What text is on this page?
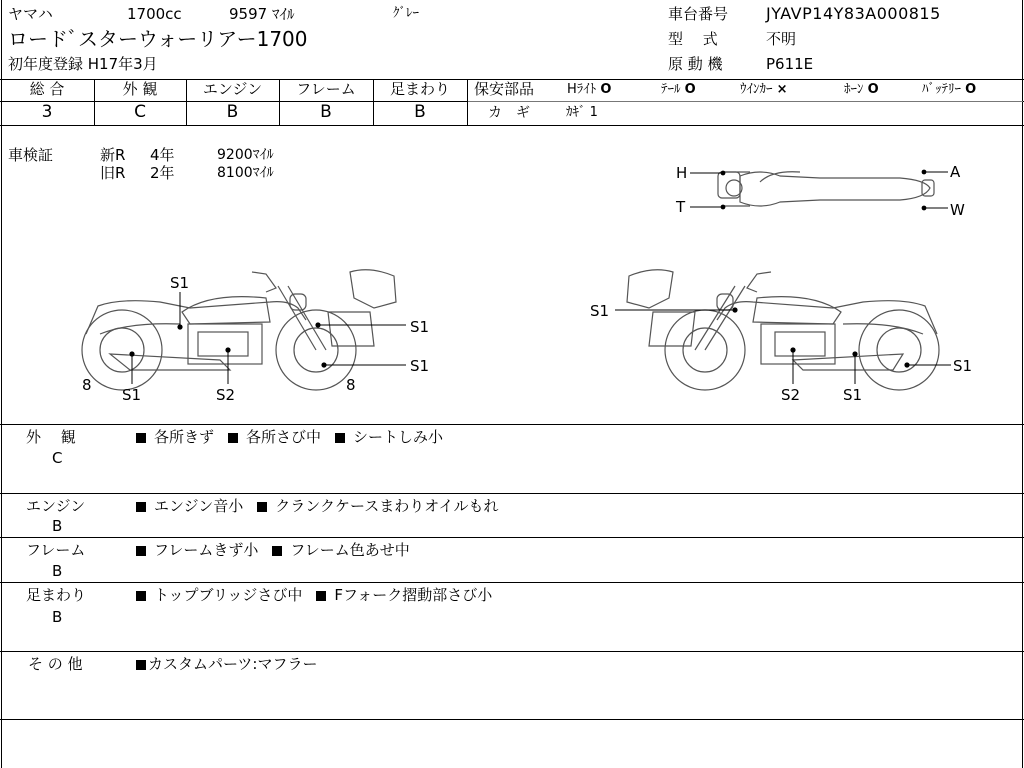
ヤマハ	1700cc	9597 ﾏｲﾙ	ｸﾞﾚｰ
ロードﾞスターウォーリアー1700
初年度登録 H17年3月
車台番号 JYAVP14Y83A000815
型　 式	不明
原 動 機	P611E
総 合	外 観	エンジン	フレーム	足まわり
3	C	B	B	B
保安部品	Hﾗｲﾄ O	ﾃｰﾙ O	ｳｲﾝｶｰ ×	ﾎｰﾝ O	ﾊﾞｯﾃﾘｰ O
カ　ギ	ｶｷﾞ 1
車検証	新R 4年	9200ﾏｲﾙ
旧R 2年	8100ﾏｲﾙ	H
T
A
W
S1
S1
S1
8	8
S1	S2
S1
S1
S2	S1
外　 観
C
各所きず 各所さび中 シートしみ小
エンジン
B
エンジン音小 クランクケースまわりオイルもれ
フレーム
B
フレームきず小 フレーム色あせ中
足まわり
B
トップブリッジさび中 Fフォーク摺動部さび小
そ の 他	カスタムパーツ:マフラー
